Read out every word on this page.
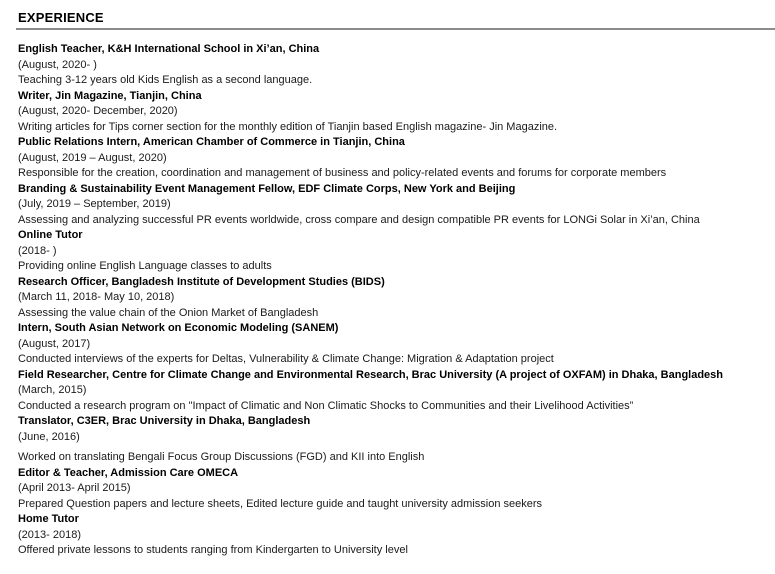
EXPERIENCE

English Teacher, K&H International School in Xi’an, China

(August, 2020- )

Teaching 3-12 years old Kids English as a second language.

Writer, Jin Magazine, Tianjin, China

(August, 2020- December, 2020)

Writing articles for Tips corner section for the monthly edition of Tianjin based English magazine- Jin Magazine.

Public Relations Intern, American Chamber of Commerce in Tianjin, China

(August, 2019 – August, 2020)

Responsible for the creation, coordination and management of business and policy-related events and forums for corporate members

Branding & Sustainability Event Management Fellow, EDF Climate Corps, New York and Beijing

(July, 2019 – September, 2019)

Assessing and analyzing successful PR events worldwide, cross compare and design compatible PR events for LONGi Solar in Xi’an, China

Online Tutor

(2018- )

Providing online English Language classes to adults

Research Officer, Bangladesh Institute of Development Studies (BIDS)

(March 11, 2018- May 10, 2018)

Assessing the value chain of the Onion Market of Bangladesh

Intern, South Asian Network on Economic Modeling (SANEM)

(August, 2017)

Conducted interviews of the experts for Deltas, Vulnerability & Climate Change: Migration & Adaptation project

Field Researcher, Centre for Climate Change and Environmental Research, Brac University (A project of OXFAM) in Dhaka, Bangladesh

(March, 2015)

Conducted a research program on "Impact of Climatic and Non Climatic Shocks to Communities and their Livelihood Activities”

Translator, C3ER, Brac University in Dhaka, Bangladesh

(June, 2016)

Worked on translating Bengali Focus Group Discussions (FGD) and KII into English

Editor & Teacher, Admission Care OMECA

(April 2013- April 2015)

Prepared Question papers and lecture sheets, Edited lecture guide and taught university admission seekers

Home Tutor

(2013- 2018)

Offered private lessons to students ranging from Kindergarten to University level
